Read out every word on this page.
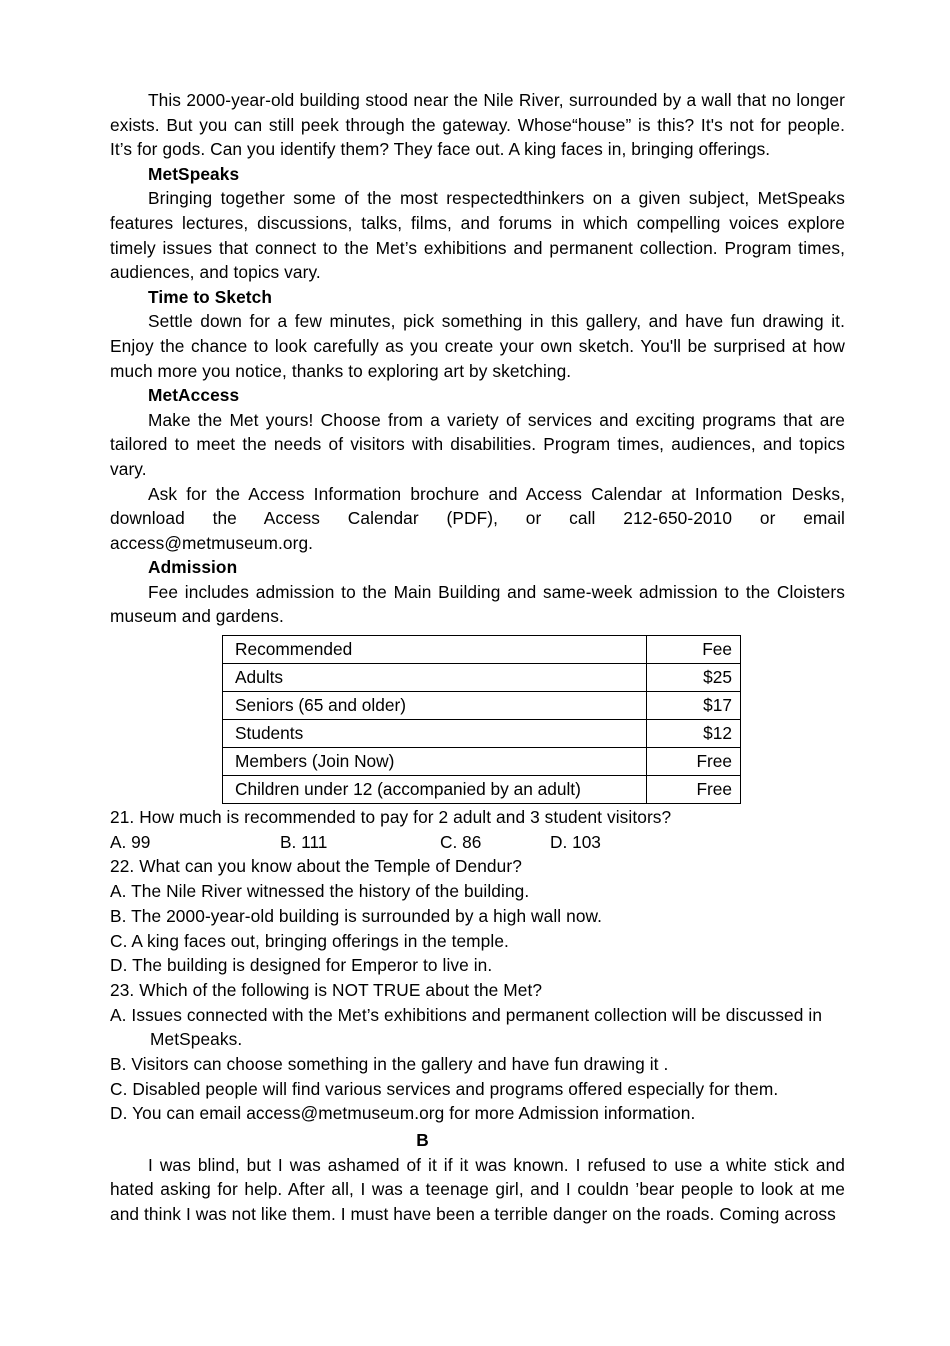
This 2000-year-old building stood near the Nile River, surrounded by a wall that no longer exists. But you can still peek through the gateway. Whose“house” is this? It's not for people. It’s for gods. Can you identify them? They face out. A king faces in, bringing offerings.

MetSpeaks

Bringing together some of the most respectedthinkers on a given subject, MetSpeaks features lectures, discussions, talks, films, and forums in which compelling voices explore timely issues that connect to the Met’s exhibitions and permanent collection. Program times, audiences, and topics vary.

Time to Sketch

Settle down for a few minutes, pick something in this gallery, and have fun drawing it. Enjoy the chance to look carefully as you create your own sketch. You'll be surprised at how much more you notice, thanks to exploring art by sketching.

MetAccess

Make the Met yours! Choose from a variety of services and exciting programs that are tailored to meet the needs of visitors with disabilities. Program times, audiences, and topics vary.

Ask for the Access Information brochure and Access Calendar at Information Desks, download the Access Calendar (PDF), or call 212-650-2010 or email access@metmuseum.org.

Admission

Fee includes admission to the Main Building and same-week admission to the Cloisters museum and gardens.

Recommended	Fee
Adults	$25
Seniors (65 and older)	$17
Students	$12
Members (Join Now)	Free
Children under 12 (accompanied by an adult)	Free

21. How much is recommended to pay for 2 adult and 3 student visitors?

A. 99	B. 111	C. 86	D. 103

22. What can you know about the Temple of Dendur?

A. The Nile River witnessed the history of the building.

B. The 2000-year-old building is surrounded by a high wall now.

C. A king faces out, bringing offerings in the temple.

D. The building is designed for Emperor to live in.

23. Which of the following is NOT TRUE about the Met?

A. Issues connected with the Met’s exhibitions and permanent collection will be discussed in

MetSpeaks.

B. Visitors can choose something in the gallery and have fun drawing it .

C. Disabled people will find various services and programs offered especially for them.

D. You can email access@metmuseum.org for more Admission information.

B

I was blind, but I was ashamed of it if it was known. I refused to use a white stick and hated asking for help. After all, I was a teenage girl, and I couldn ’bear people to look at me and think I was not like them. I must have been a terrible danger on the roads. Coming across
